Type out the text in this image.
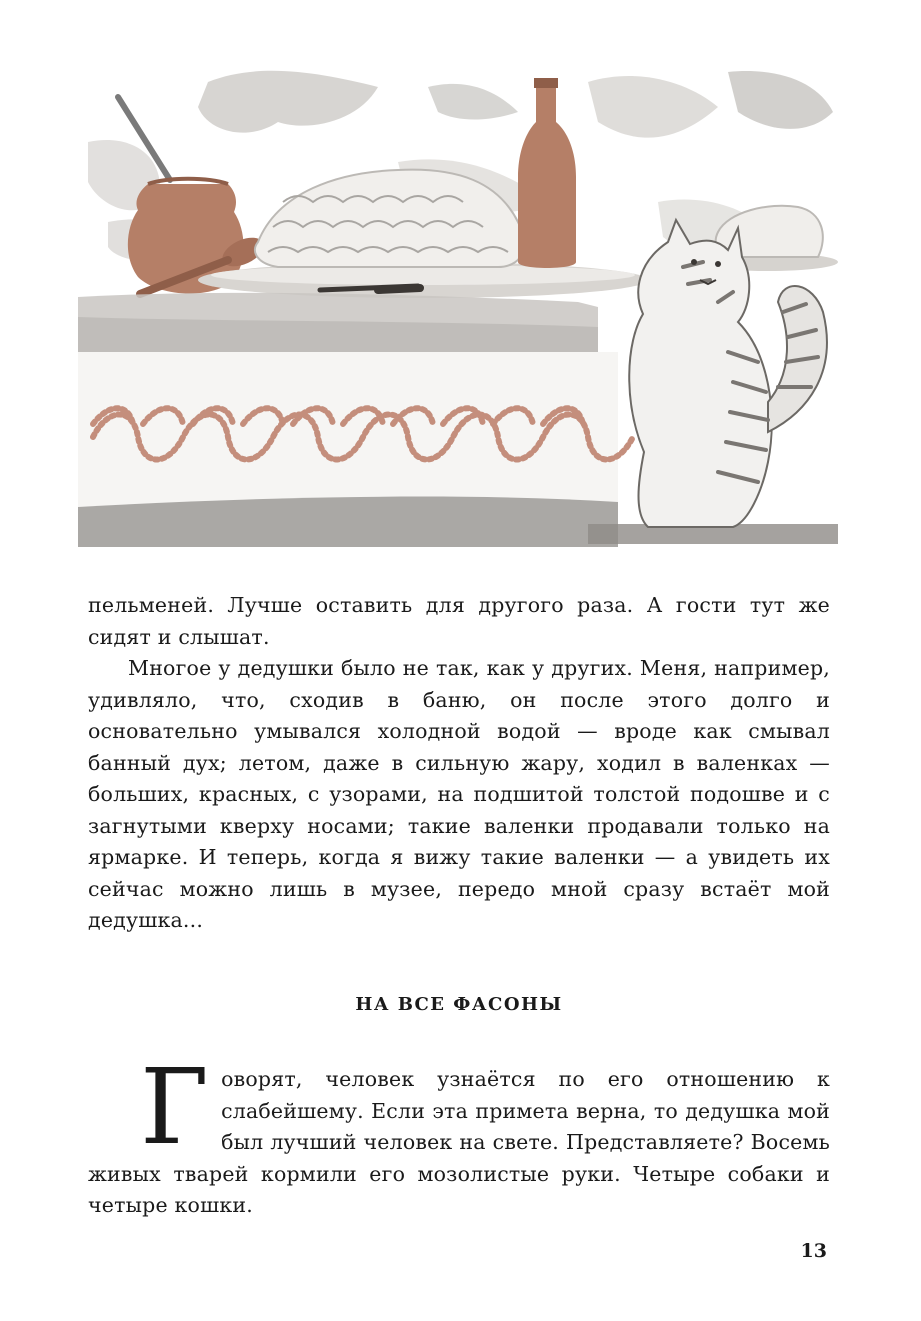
пельменей. Лучше оставить для другого раза. А гости тут же сидят и слышат.

Многое у дедушки было не так, как у других. Меня, например, удивляло, что, сходив в баню, он после этого долго и основательно умывался холодной водой — вроде как смывал банный дух; летом, даже в сильную жару, ходил в валенках — больших, красных, с узорами, на подшитой толстой подошве и с загнутыми кверху носами; такие валенки продавали только на ярмарке. И теперь, когда я вижу такие валенки — а увидеть их сейчас можно лишь в музее, передо мной сразу встаёт мой дедушка...

НА ВСЕ ФАСОНЫ
Г оворят, человек узнаётся по его отношению к слабейшему. Если эта примета верна, то дедушка мой был лучший человек на свете. Представляете? Восемь живых тварей кормили его мозолистые руки. Четыре собаки и четыре кошки.
13
